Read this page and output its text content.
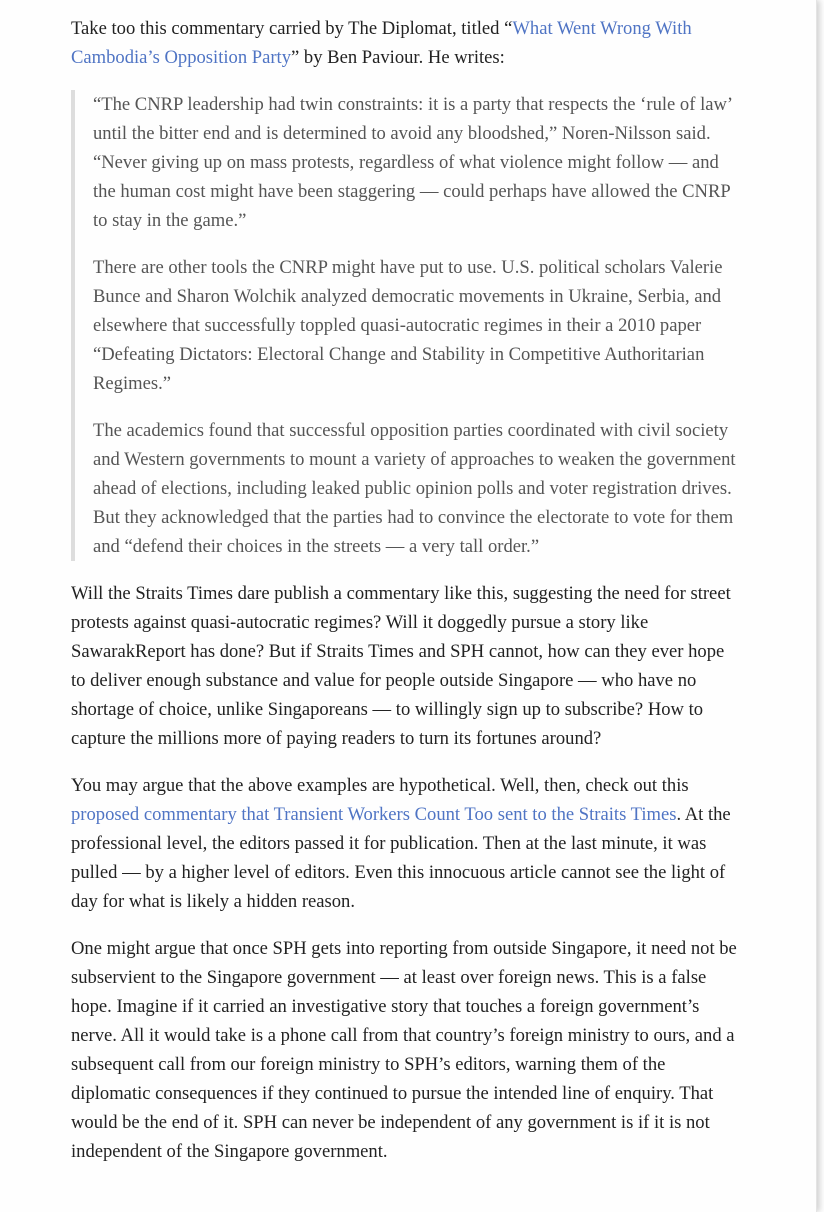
Take too this commentary carried by The Diplomat, titled “What Went Wrong With Cambodia’s Opposition Party” by Ben Paviour. He writes:

“The CNRP leadership had twin constraints: it is a party that respects the ‘rule of law’ until the bitter end and is determined to avoid any bloodshed,” Noren-Nilsson said. “Never giving up on mass protests, regardless of what violence might follow — and the human cost might have been staggering — could perhaps have allowed the CNRP to stay in the game.”

There are other tools the CNRP might have put to use. U.S. political scholars Valerie Bunce and Sharon Wolchik analyzed democratic movements in Ukraine, Serbia, and elsewhere that successfully toppled quasi-autocratic regimes in their a 2010 paper “Defeating Dictators: Electoral Change and Stability in Competitive Authoritarian Regimes.”

The academics found that successful opposition parties coordinated with civil society and Western governments to mount a variety of approaches to weaken the government ahead of elections, including leaked public opinion polls and voter registration drives. But they acknowledged that the parties had to convince the electorate to vote for them and “defend their choices in the streets — a very tall order.”

Will the Straits Times dare publish a commentary like this, suggesting the need for street protests against quasi-autocratic regimes? Will it doggedly pursue a story like SawarakReport has done? But if Straits Times and SPH cannot, how can they ever hope to deliver enough substance and value for people outside Singapore — who have no shortage of choice, unlike Singaporeans — to willingly sign up to subscribe? How to capture the millions more of paying readers to turn its fortunes around?

You may argue that the above examples are hypothetical. Well, then, check out this proposed commentary that Transient Workers Count Too sent to the Straits Times. At the professional level, the editors passed it for publication. Then at the last minute, it was pulled — by a higher level of editors. Even this innocuous article cannot see the light of day for what is likely a hidden reason.

One might argue that once SPH gets into reporting from outside Singapore, it need not be subservient to the Singapore government — at least over foreign news. This is a false hope. Imagine if it carried an investigative story that touches a foreign government’s nerve. All it would take is a phone call from that country’s foreign ministry to ours, and a subsequent call from our foreign ministry to SPH’s editors, warning them of the diplomatic consequences if they continued to pursue the intended line of enquiry. That would be the end of it. SPH can never be independent of any government is if it is not independent of the Singapore government.
